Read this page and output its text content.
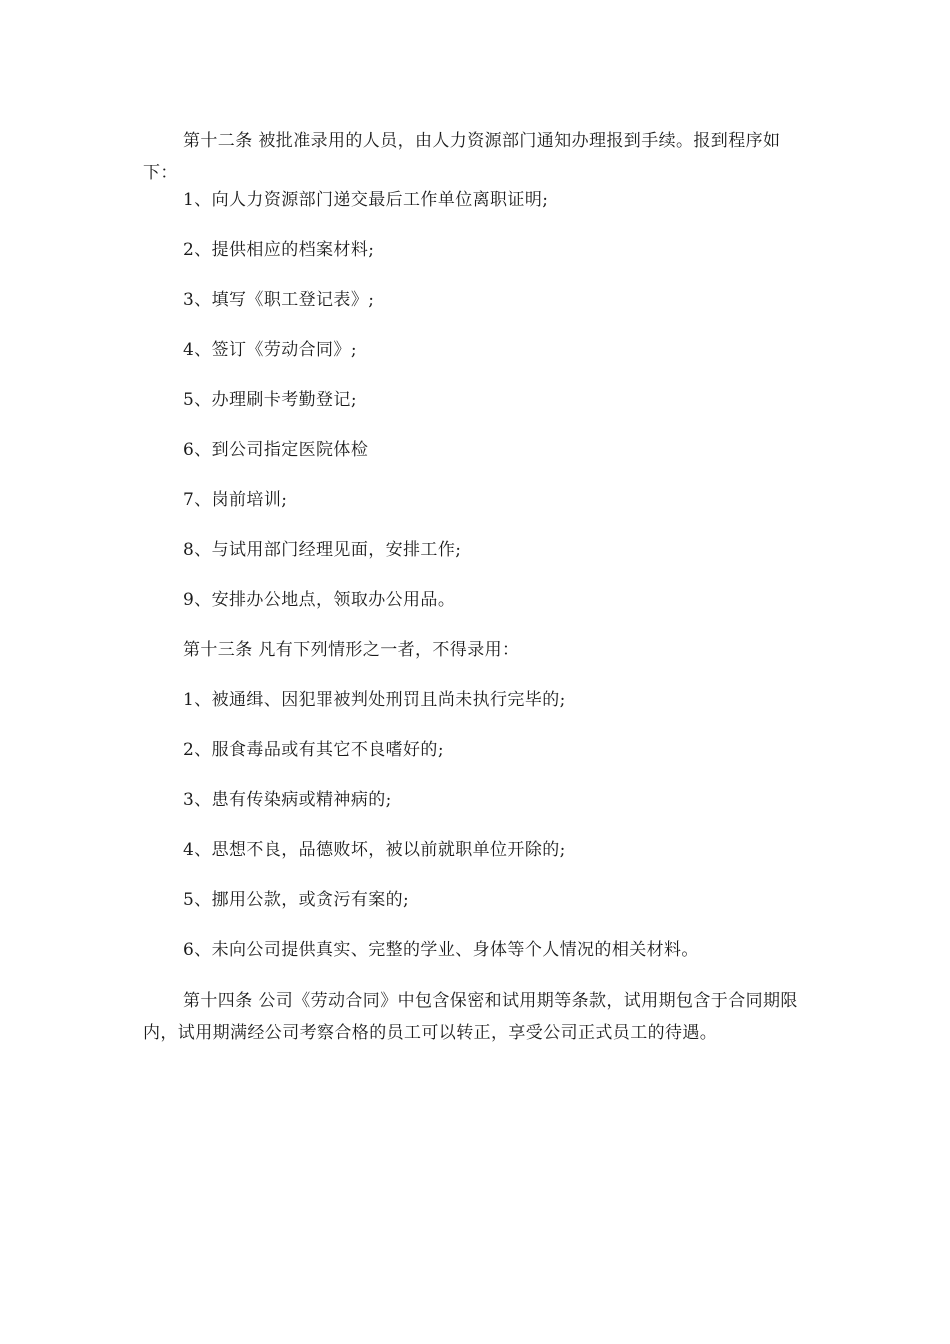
第十二条 被批准录用的人员，由人力资源部门通知办理报到手续。报到程序如下：

1、向人力资源部门递交最后工作单位离职证明;

2、提供相应的档案材料;

3、填写《职工登记表》;

4、签订《劳动合同》;

5、办理刷卡考勤登记;

6、到公司指定医院体检

7、岗前培训;

8、与试用部门经理见面，安排工作;

9、安排办公地点，领取办公用品。

第十三条 凡有下列情形之一者，不得录用：

1、被通缉、因犯罪被判处刑罚且尚未执行完毕的;

2、服食毒品或有其它不良嗜好的;

3、患有传染病或精神病的;

4、思想不良，品德败坏，被以前就职单位开除的;

5、挪用公款，或贪污有案的;

6、未向公司提供真实、完整的学业、身体等个人情况的相关材料。

第十四条 公司《劳动合同》中包含保密和试用期等条款，试用期包含于合同期限内，试用期满经公司考察合格的员工可以转正，享受公司正式员工的待遇。
